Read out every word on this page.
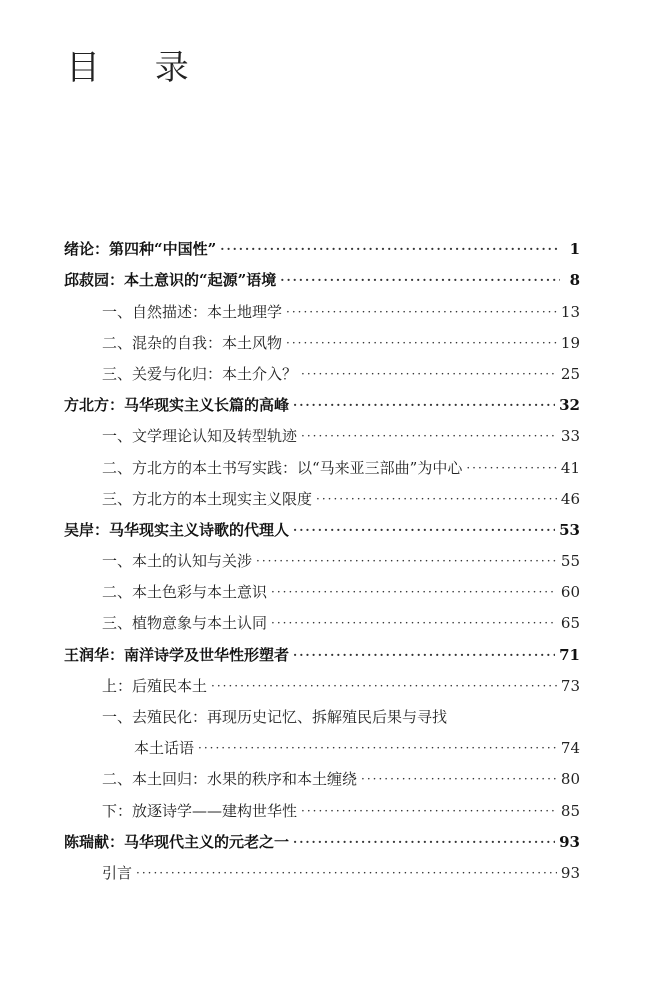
目 录
绪论：第四种“中国性” ·····	1
邱菽园：本土意识的“起源”语境 ·····	8
一、自然描述：本土地理学 ·····	13
二、混杂的自我：本土风物 ·····	19
三、关爱与化归：本土介入？ ·····	25
方北方：马华现实主义长篇的高峰 ·····	32
一、文学理论认知及转型轨迹 ·····	33
二、方北方的本土书写实践：以“马来亚三部曲”为中心 ·····	41
三、方北方的本土现实主义限度 ·····	46
吴岸：马华现实主义诗歌的代理人 ·····	53
一、本土的认知与关涉 ·····	55
二、本土色彩与本土意识 ·····	60
三、植物意象与本土认同 ·····	65
王润华：南洋诗学及世华性形塑者 ·····	71
上：后殖民本土 ·····	73
一、去殖民化：再现历史记忆、拆解殖民后果与寻找
本土话语 ·····	74
二、本土回归：水果的秩序和本土缠绕 ·····	80
下：放逐诗学——建构世华性 ·····	85
陈瑞献：马华现代主义的元老之一 ·····	93
引言 ·····	93
